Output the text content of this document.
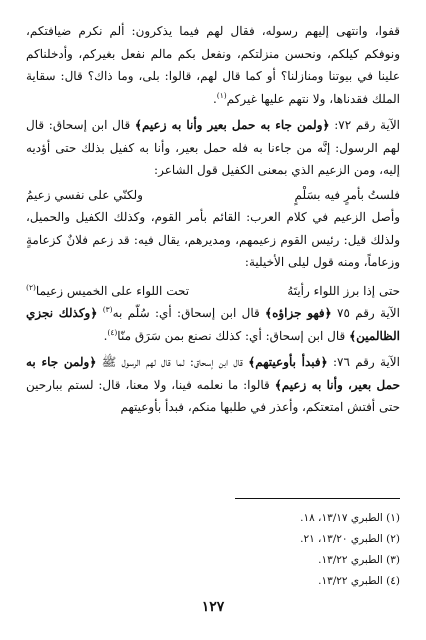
قفوا، وانتهى إليهم رسوله، فقال لهم فيما يذكرون: ألم نكرم ضيافتكم، ونوفكم كيلكم، ونحسن منزلتكم، ونفعل بكم مالم نفعل بغيركم، وأدخلناكم علينا في بيوتنا ومنازلنا؟ أو كما قال لهم، قالوا: بلى، وما ذاك؟ قال: سقاية الملك فقدناها، ولا نتهم عليها غيركم$^{(١)}$.

الآية رقم ٧٢: ﴿ولمن جاء به حمل بعير وأنا به زعيم﴾ قال ابن إسحاق: قال لهم الرسول: إنَّه من جاءنا به فله حمل بعير، وأنا به كفيل بذلك حتى أؤديه إليه، ومن الزعيم الذي بمعنى الكفيل قول الشاعر:

فلستُ بأمرٍ فيه بسَلْمٍ
ولكنّي على نفسي زعيمُ

وأصل الزعيم في كلام العرب: القائم بأمر القوم، وكذلك الكفيل والحميل، ولذلك قيل: رئيس القوم زعيمهم، ومديرهم، يقال فيه: قد زعم فلانٌ كزعامةٍ وزعاماً، ومنه قول ليلى الأخيلية:

حتى إذا برز اللواء رأيتَهُ
تحت اللواء على الخميس زعيما$^{(٢)}$

الآية رقم ٧٥ ﴿فهو جزاؤه﴾ قال ابن إسحاق: أي: سُلّم به$^{(٣)}$ ﴿وكذلك نجزي الظالمين﴾ قال ابن إسحاق: أي: كذلك نصنع بمن سَرَق منّا$^{(٤)}$.

الآية رقم ٧٦: ﴿فبدأ بأوعيتهم﴾ قال ابن إسحاق: لما قال لهم الرسول ﷺ ﴿ولمن جاء به حمل بعير، وأنا به زعيم﴾ قالوا: ما نعلمه فينا، ولا معنا، قال: لستم ببارحين حتى أفتش امتعتكم، وأعذر في طلبها منكم، فبدأ بأوعيتهم

(١) الطبري ١٣/١٧، ١٨.

(٢) الطبري ١٣/٢٠، ٢١.

(٣) الطبري ١٣/٢٢.

(٤) الطبري ١٣/٢٢.

١٢٧
